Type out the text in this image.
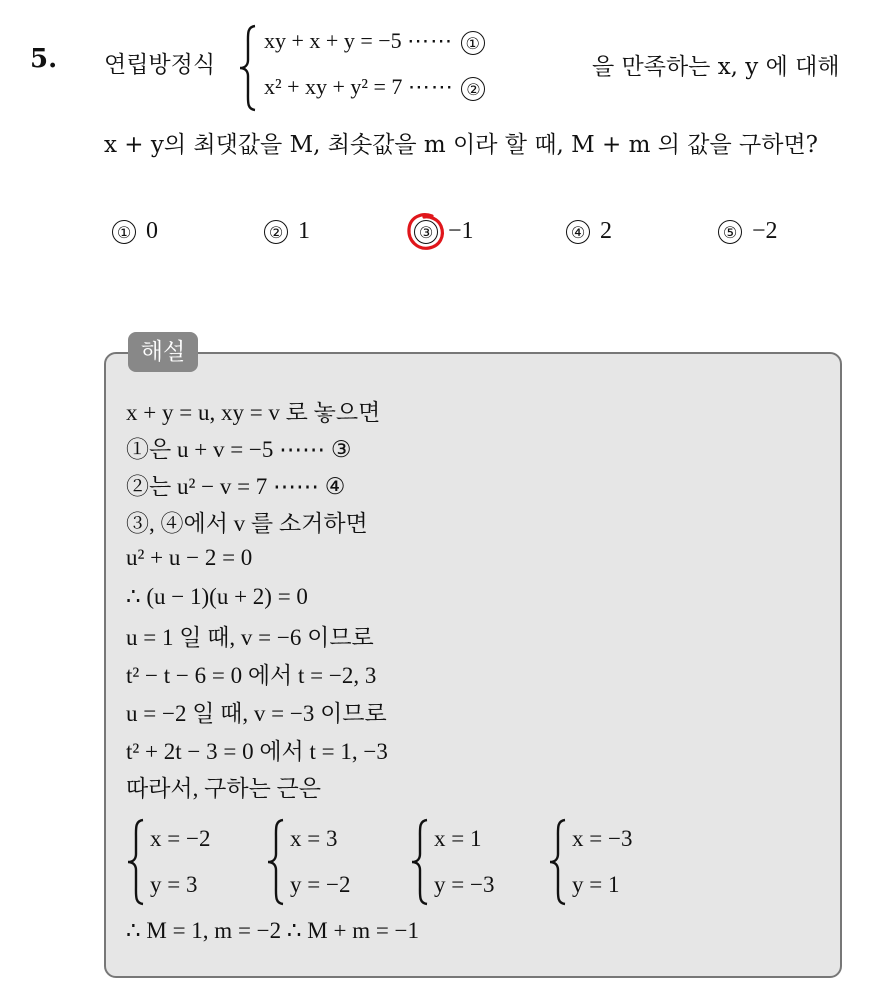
5. 연립방정식
xy + x + y = −5 ⋯⋯ ①
x² + xy + y² = 7 ⋯⋯ ②
을 만족하는 x, y 에 대해
x + y의 최댓값을 M, 최솟값을 m 이라 할 때, M + m 의 값을 구하면?
① 0	② 1	③ −1	④ 2	⑤ −2
해설
x + y = u, xy = v 로 놓으면
①은 u + v = −5 ⋯⋯ ③
②는 u² − v = 7 ⋯⋯ ④
③, ④에서 v 를 소거하면
u² + u − 2 = 0
∴ (u − 1)(u + 2) = 0
u = 1 일 때, v = −6 이므로
t² − t − 6 = 0 에서 t = −2, 3
u = −2 일 때, v = −3 이므로
t² + 2t − 3 = 0 에서 t = 1, −3
따라서, 구하는 근은
x = −2
y = 3
x = 3
y = −2
x = 1
y = −3
x = −3
y = 1
∴ M = 1, m = −2 ∴ M + m = −1
